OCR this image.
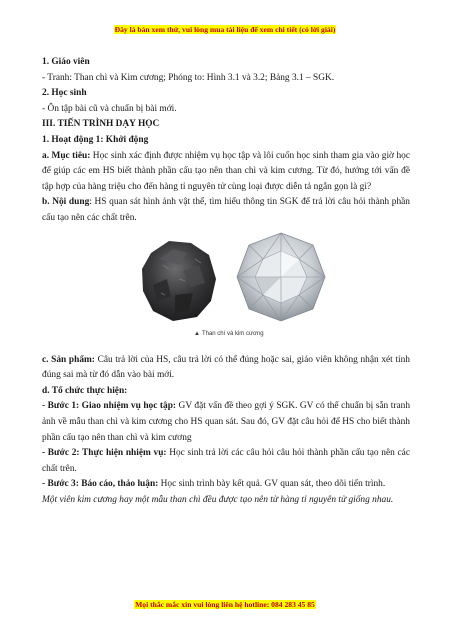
Đây là bản xem thử, vui lòng mua tài liệu để xem chi tiết (có lời giải)

1. Giáo viên

- Tranh: Than chì và Kim cương; Phóng to: Hình 3.1 và 3.2; Bảng 3.1 – SGK.

2. Học sinh

- Ôn tập bài cũ và chuẩn bị bài mới.

III. TIẾN TRÌNH DẠY HỌC

1. Hoạt động 1: Khởi động

a. Mục tiêu: Học sinh xác định được nhiệm vụ học tập và lôi cuốn học sinh tham gia vào giờ học để giúp các em HS biết thành phần cấu tạo nên than chì và kim cương. Từ đó, hướng tới vấn đề tập hợp của hàng triệu cho đến hàng tỉ nguyên tử cùng loại được diễn tả ngắn gọn là gì?

b. Nội dung: HS quan sát hình ảnh vật thể, tìm hiểu thông tin SGK để trả lời câu hỏi thành phần cấu tạo nên các chất trên.

▲ Than chì và kim cương

c. Sản phẩm: Câu trả lời của HS, câu trả lời có thể đúng hoặc sai, giáo viên không nhận xét tính đúng sai mà từ đó dẫn vào bài mới.

d. Tổ chức thực hiện:

- Bước 1: Giao nhiệm vụ học tập: GV đặt vấn đề theo gợi ý SGK. GV có thể chuẩn bị sẵn tranh ảnh về mẫu than chì và kim cương cho HS quan sát. Sau đó, GV đặt câu hỏi để HS cho biết thành phần cấu tạo nên than chì và kim cương

- Bước 2: Thực hiện nhiệm vụ: Học sinh trả lời các câu hỏi câu hỏi thành phần cấu tạo nên các chất trên.

- Bước 3: Báo cáo, thảo luận: Học sinh trình bày kết quả. GV quan sát, theo dõi tiến trình.

Một viên kim cương hay một mẫu than chì đều được tạo nên từ hàng tỉ nguyên tử giống nhau.

Mọi thắc mắc xin vui lòng liên hệ hotline: 084 283 45 85
